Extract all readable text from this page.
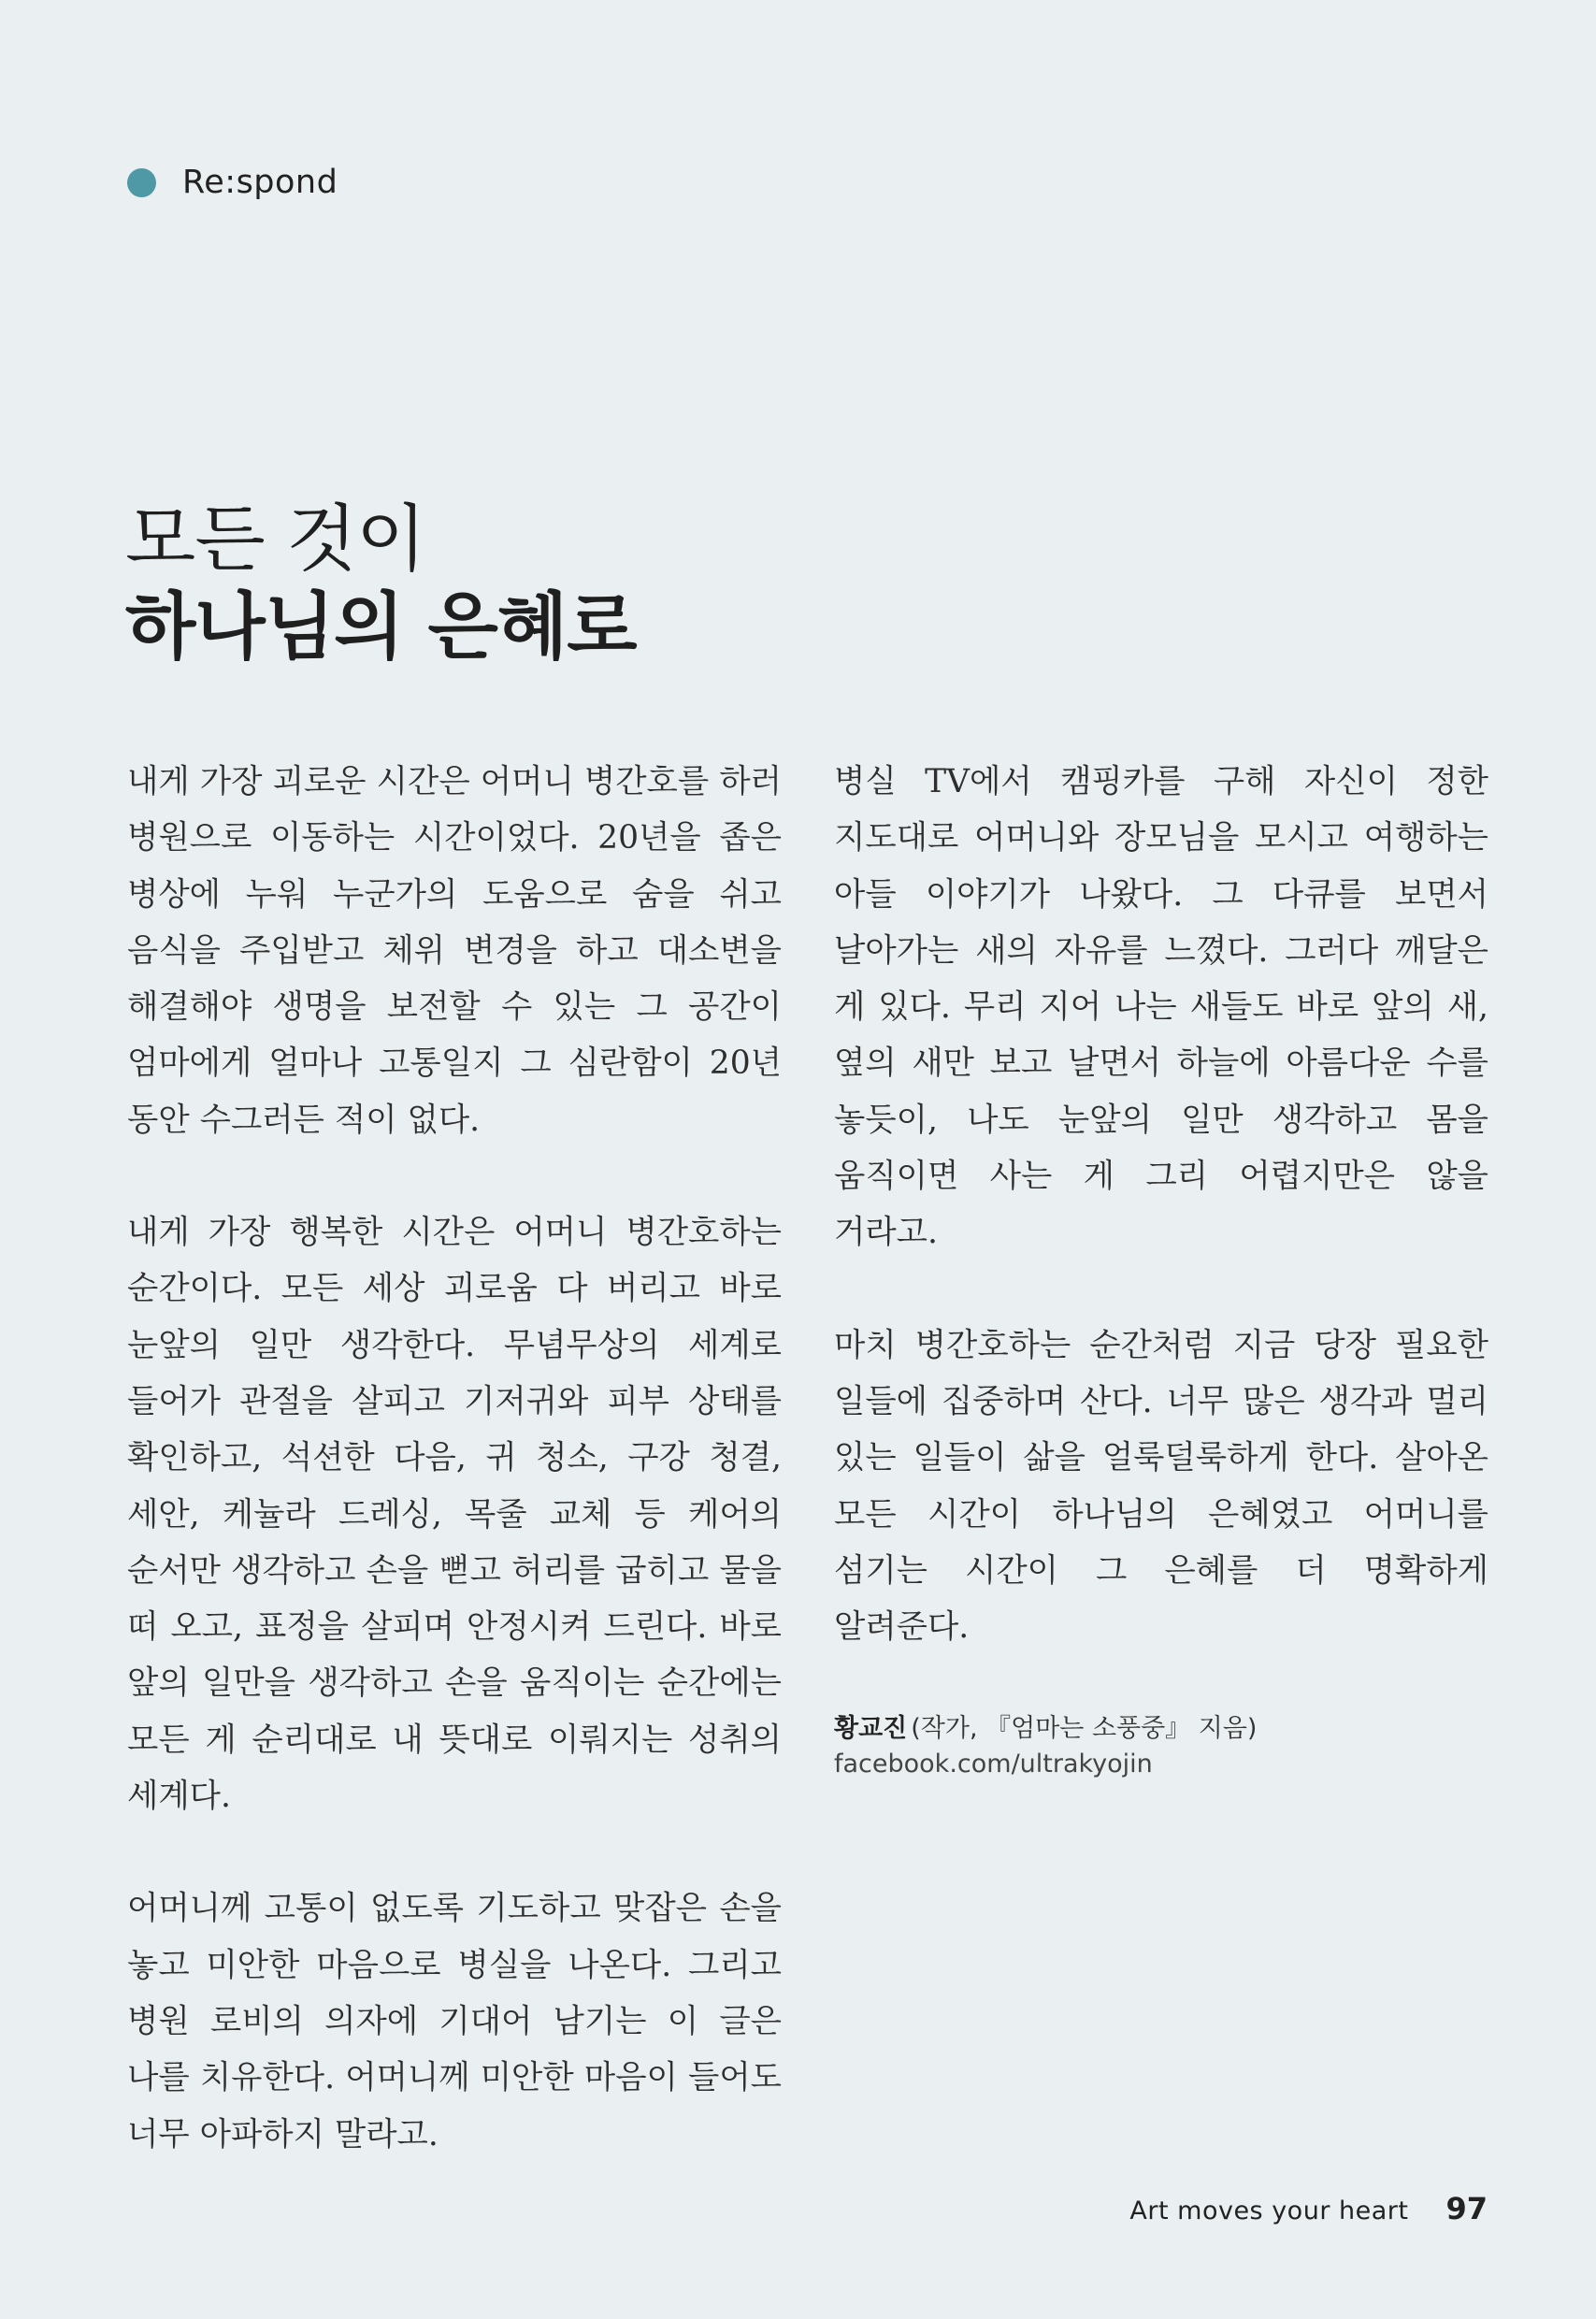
Re:spond
모든 것이
하나님의 은혜로

내게 가장 괴로운 시간은 어머니 병간호를 하러 병원으로 이동하는 시간이었다. 20년을 좁은 병상에 누워 누군가의 도움으로 숨을 쉬고 음식을 주입받고 체위 변경을 하고 대소변을 해결해야 생명을 보전할 수 있는 그 공간이 엄마에게 얼마나 고통일지 그 심란함이 20년 동안 수그러든 적이 없다.

내게 가장 행복한 시간은 어머니 병간호하는 순간이다. 모든 세상 괴로움 다 버리고 바로 눈앞의 일만 생각한다. 무념무상의 세계로 들어가 관절을 살피고 기저귀와 피부 상태를 확인하고, 석션한 다음, 귀 청소, 구강 청결, 세안, 케뉼라 드레싱, 목줄 교체 등 케어의 순서만 생각하고 손을 뻗고 허리를 굽히고 물을 떠 오고, 표정을 살피며 안정시켜 드린다. 바로 앞의 일만을 생각하고 손을 움직이는 순간에는 모든 게 순리대로 내 뜻대로 이뤄지는 성취의 세계다.

어머니께 고통이 없도록 기도하고 맞잡은 손을 놓고 미안한 마음으로 병실을 나온다. 그리고 병원 로비의 의자에 기대어 남기는 이 글은 나를 치유한다. 어머니께 미안한 마음이 들어도 너무 아파하지 말라고.

병실 TV에서 캠핑카를 구해 자신이 정한 지도대로 어머니와 장모님을 모시고 여행하는 아들 이야기가 나왔다. 그 다큐를 보면서 날아가는 새의 자유를 느꼈다. 그러다 깨달은 게 있다. 무리 지어 나는 새들도 바로 앞의 새, 옆의 새만 보고 날면서 하늘에 아름다운 수를 놓듯이, 나도 눈앞의 일만 생각하고 몸을 움직이면 사는 게 그리 어렵지만은 않을 거라고.

마치 병간호하는 순간처럼 지금 당장 필요한 일들에 집중하며 산다. 너무 많은 생각과 멀리 있는 일들이 삶을 얼룩덜룩하게 한다. 살아온 모든 시간이 하나님의 은혜였고 어머니를 섬기는 시간이 그 은혜를 더 명확하게 알려준다.

황교진 (작가, 『엄마는 소풍중』 지음)
facebook.com/ultrakyojin
Art moves your heart 97
